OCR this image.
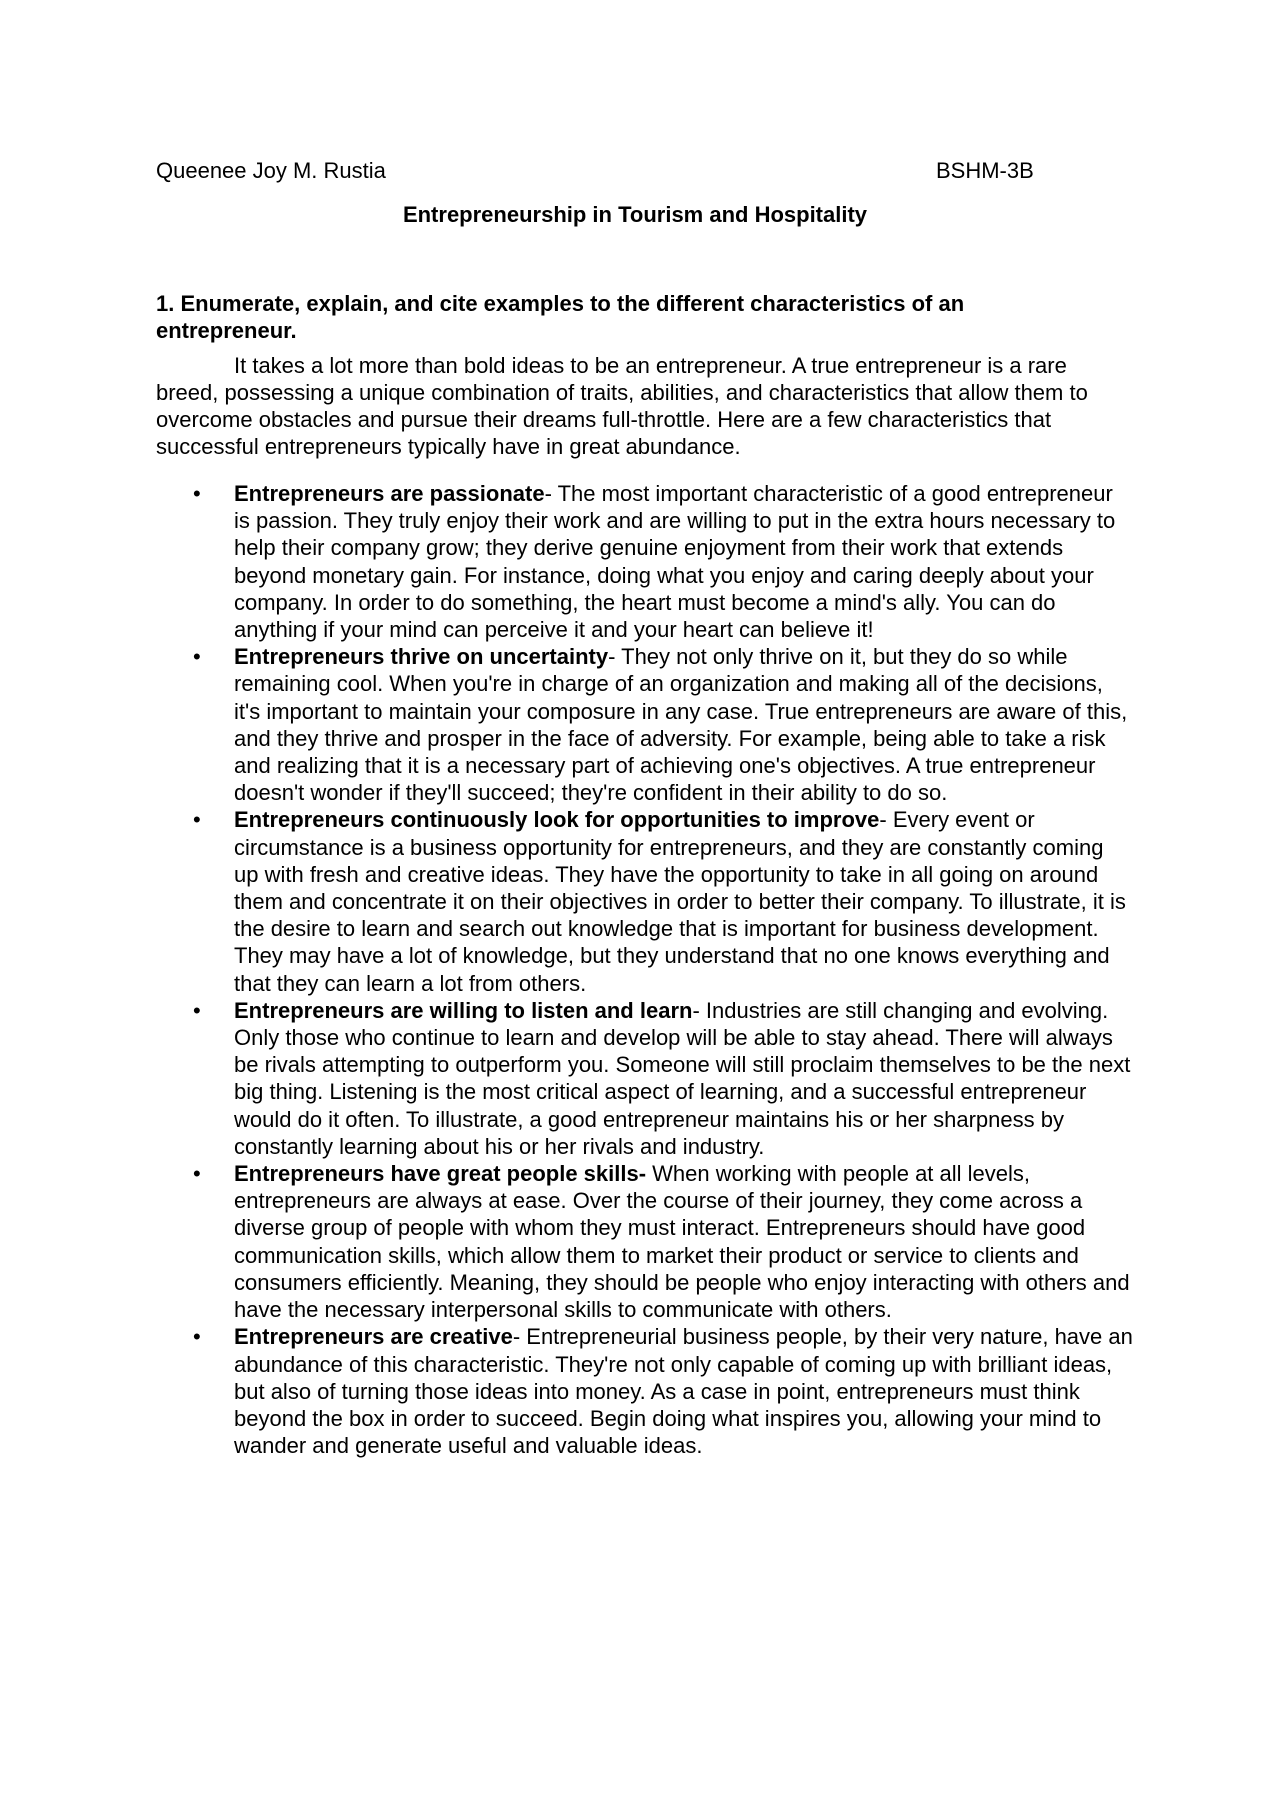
Queenee Joy M. Rustia	BSHM-3B
Entrepreneurship in Tourism and Hospitality
1. Enumerate, explain, and cite examples to the different characteristics of an entrepreneur.
It takes a lot more than bold ideas to be an entrepreneur. A true entrepreneur is a rare breed, possessing a unique combination of traits, abilities, and characteristics that allow them to overcome obstacles and pursue their dreams full-throttle. Here are a few characteristics that successful entrepreneurs typically have in great abundance.
• Entrepreneurs are passionate- The most important characteristic of a good entrepreneur is passion. They truly enjoy their work and are willing to put in the extra hours necessary to help their company grow; they derive genuine enjoyment from their work that extends beyond monetary gain. For instance, doing what you enjoy and caring deeply about your company. In order to do something, the heart must become a mind's ally. You can do anything if your mind can perceive it and your heart can believe it!
• Entrepreneurs thrive on uncertainty- They not only thrive on it, but they do so while remaining cool. When you're in charge of an organization and making all of the decisions, it's important to maintain your composure in any case. True entrepreneurs are aware of this, and they thrive and prosper in the face of adversity. For example, being able to take a risk and realizing that it is a necessary part of achieving one's objectives. A true entrepreneur doesn't wonder if they'll succeed; they're confident in their ability to do so.
• Entrepreneurs continuously look for opportunities to improve- Every event or circumstance is a business opportunity for entrepreneurs, and they are constantly coming up with fresh and creative ideas. They have the opportunity to take in all going on around them and concentrate it on their objectives in order to better their company. To illustrate, it is the desire to learn and search out knowledge that is important for business development. They may have a lot of knowledge, but they understand that no one knows everything and that they can learn a lot from others.
• Entrepreneurs are willing to listen and learn- Industries are still changing and evolving. Only those who continue to learn and develop will be able to stay ahead. There will always be rivals attempting to outperform you. Someone will still proclaim themselves to be the next big thing. Listening is the most critical aspect of learning, and a successful entrepreneur would do it often. To illustrate, a good entrepreneur maintains his or her sharpness by constantly learning about his or her rivals and industry.
• Entrepreneurs have great people skills- When working with people at all levels, entrepreneurs are always at ease. Over the course of their journey, they come across a diverse group of people with whom they must interact. Entrepreneurs should have good communication skills, which allow them to market their product or service to clients and consumers efficiently. Meaning, they should be people who enjoy interacting with others and have the necessary interpersonal skills to communicate with others.
• Entrepreneurs are creative- Entrepreneurial business people, by their very nature, have an abundance of this characteristic. They're not only capable of coming up with brilliant ideas, but also of turning those ideas into money. As a case in point, entrepreneurs must think beyond the box in order to succeed. Begin doing what inspires you, allowing your mind to wander and generate useful and valuable ideas.
